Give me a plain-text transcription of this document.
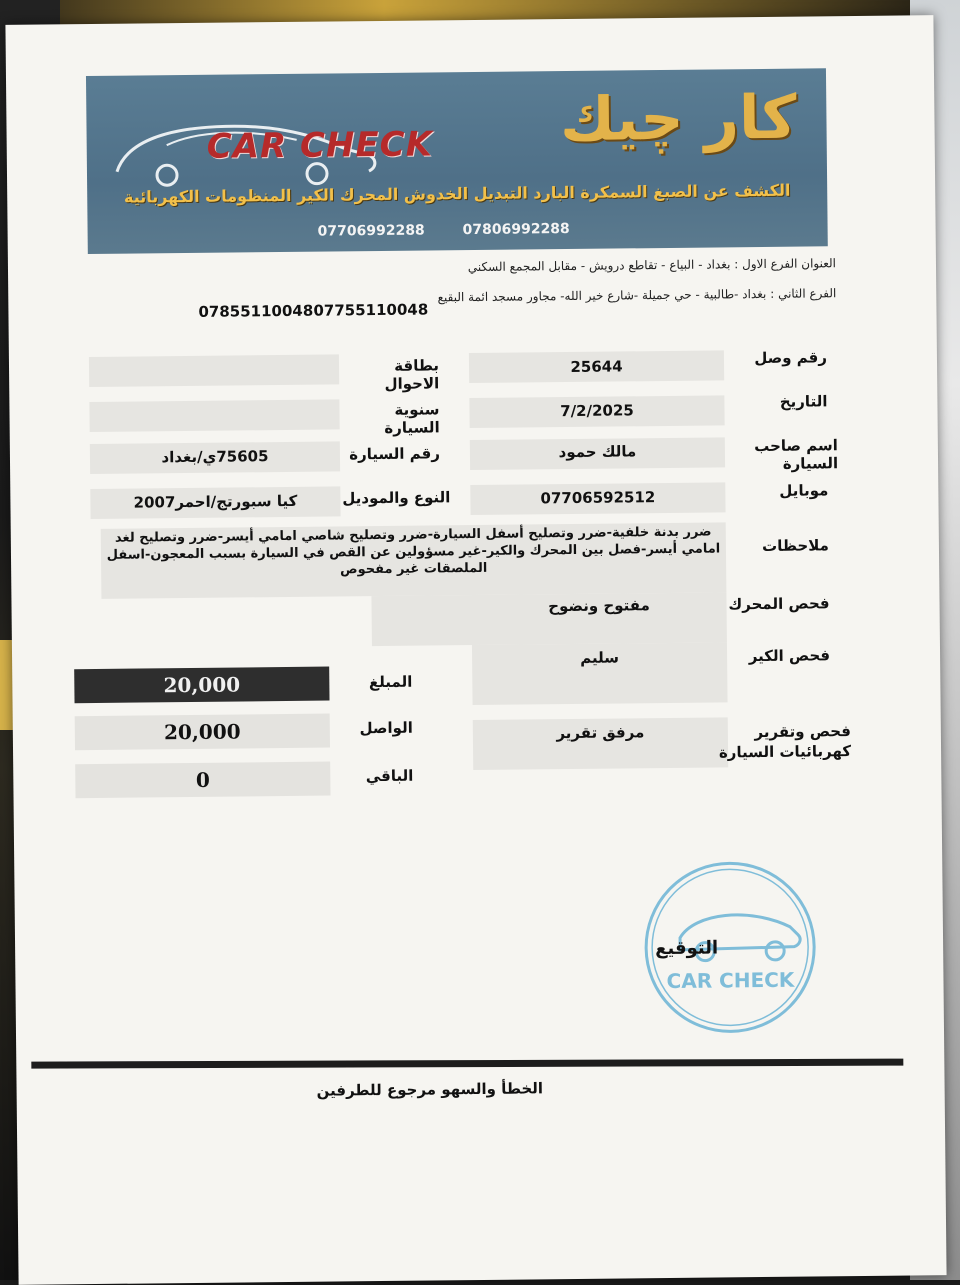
CAR CHECK كار چيك
الكشف عن الصبغ السمكرة البارد التبديل الخدوش المحرك الكير المنظومات الكهربائية
07706992288	07806992288
العنوان الفرع الاول : بغداد - البياع - تقاطع درويش - مقابل المجمع السكني
الفرع الثاني : بغداد -طالبية - حي جميلة -شارع خير الله- مجاور مسجد ائمة البقيع
07855110048 07755110048
25644	رقم وصل
بطاقة الاحوال
7/2/2025	التاريخ
سنوية السيارة
مالك حمود	اسم صاحب السيارة
75605ي/بغداد	رقم السيارة
07706592512	موبايل
كيا سبورتج/احمر2007	النوع والموديل
ضرر بدنة خلفية-ضرر وتصليح أسفل السيارة-ضرر وتصليح شاصي امامي أيسر-ضرر وتصليح لغد امامي أيسر-فصل بين المحرك والكير-غير مسؤولين عن القص في السيارة بسبب المعجون-اسفل الملصقات غير مفحوص
ملاحظات
مفتوح ونضوح	فحص المحرك
سليم	فحص الكير
مرفق تقرير	فحص وتقرير كهربائيات السيارة
20,000	المبلغ
20,000	الواصل
0	الباقي
CAR CHECK
التوقيع
الخطأ والسهو مرجوع للطرفين
